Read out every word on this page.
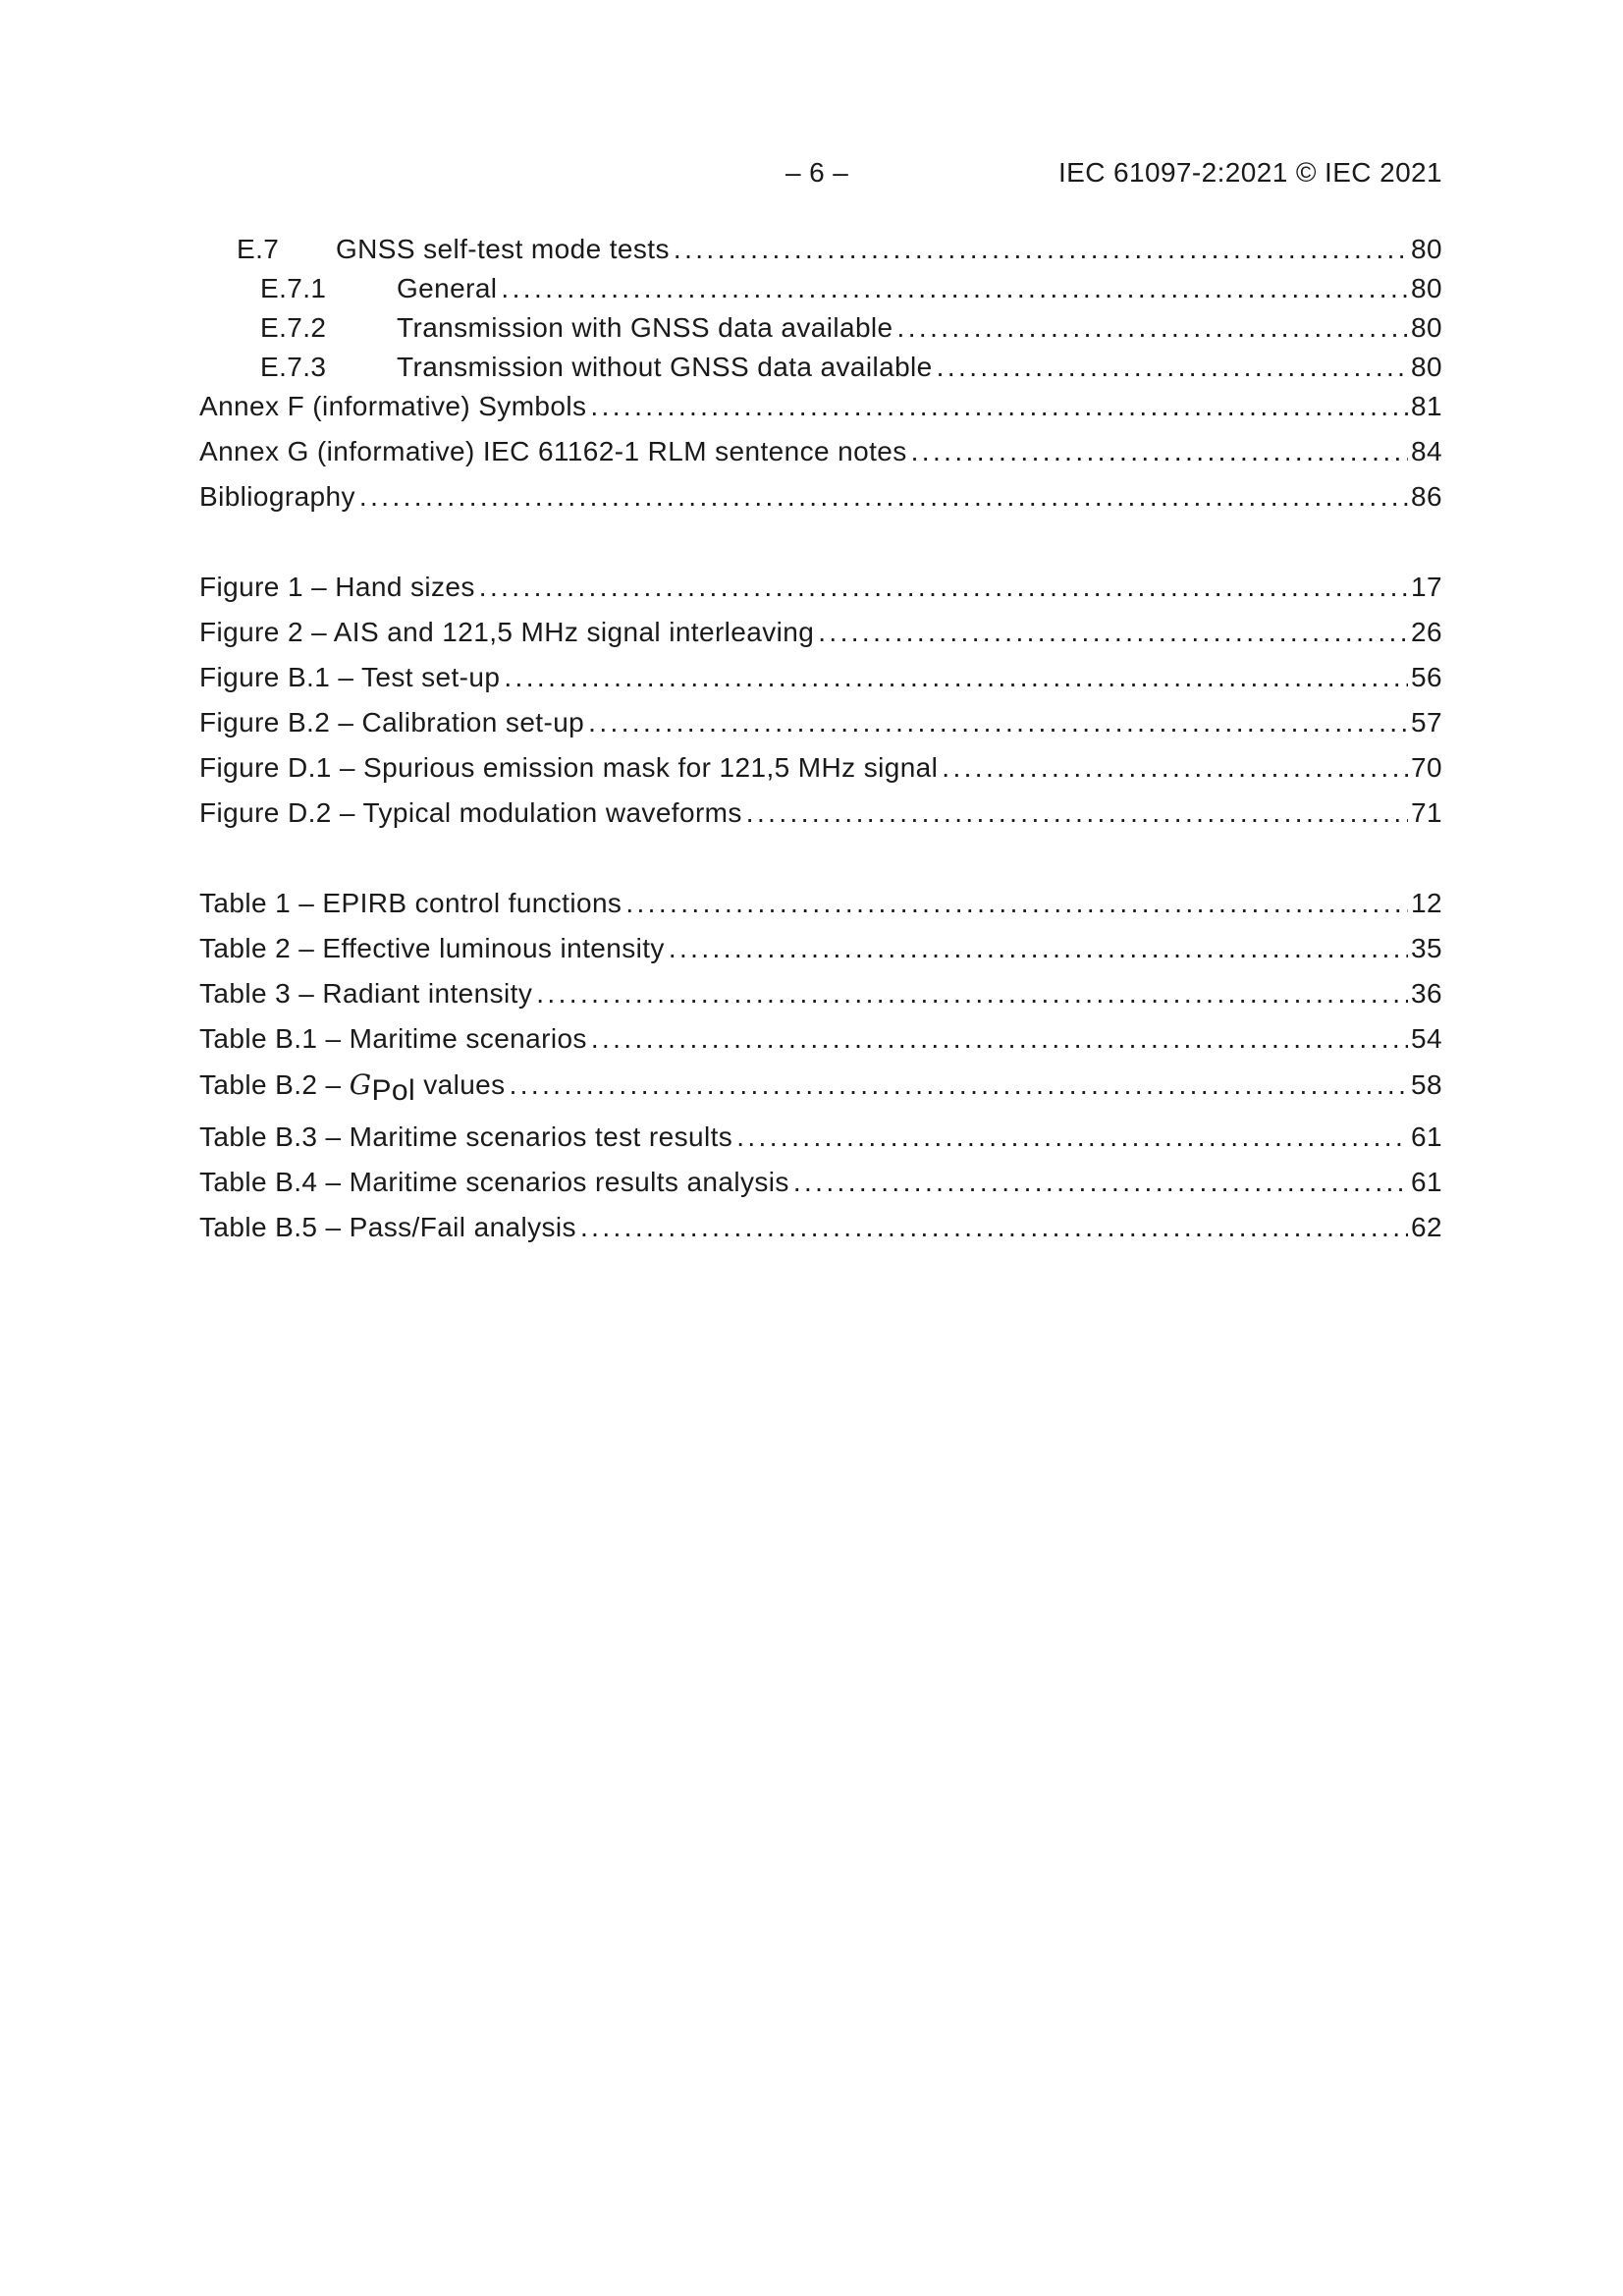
– 6 –	IEC 61097-2:2021 © IEC 2021
E.7	GNSS self-test mode tests .....	80
E.7.1	General .....	80
E.7.2	Transmission with GNSS data available .....	80
E.7.3	Transmission without GNSS data available .....	80
Annex F (informative) Symbols .....	81
Annex G (informative) IEC 61162-1 RLM sentence notes .....	84
Bibliography .....	86
Figure 1 – Hand sizes .....	17
Figure 2 – AIS and 121,5 MHz signal interleaving .....	26
Figure B.1 – Test set-up .....	56
Figure B.2 – Calibration set-up .....	57
Figure D.1 – Spurious emission mask for 121,5 MHz signal .....	70
Figure D.2 – Typical modulation waveforms .....	71
Table 1 – EPIRB control functions .....	12
Table 2 – Effective luminous intensity .....	35
Table 3 – Radiant intensity .....	36
Table B.1 – Maritime scenarios .....	54
Table B.2 – GPol values .....	58
Table B.3 – Maritime scenarios test results .....	61
Table B.4 – Maritime scenarios results analysis .....	61
Table B.5 – Pass/Fail analysis .....	62
